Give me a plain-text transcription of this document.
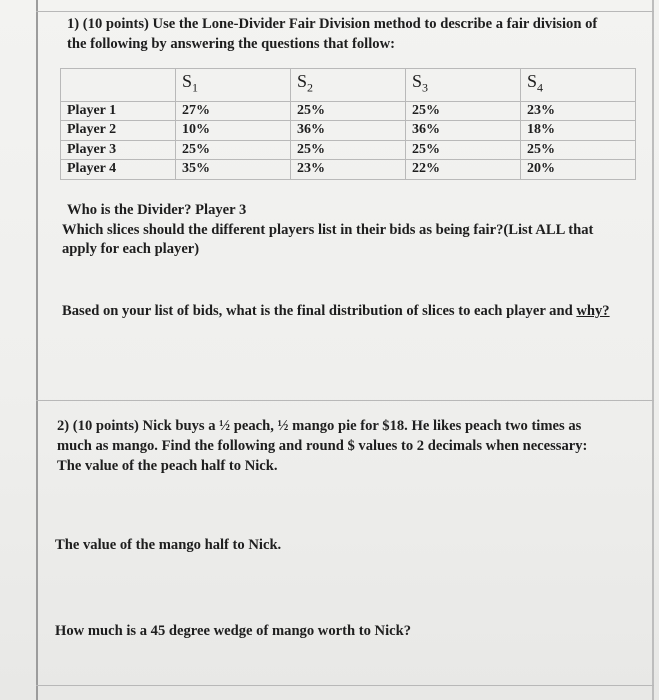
1) (10 points) Use the Lone-Divider Fair Division method to describe a fair division of
the following by answering the questions that follow:
	$S_1$	$S_2$	$S_3$	$S_4$
Player 1	27%	25%	25%	23%
Player 2	10%	36%	36%	18%
Player 3	25%	25%	25%	25%
Player 4	35%	23%	22%	20%
Who is the Divider? Player 3
Which slices should the different players list in their bids as being fair?(List ALL that
apply for each player)
Based on your list of bids, what is the final distribution of slices to each player and why?
2) (10 points) Nick buys a ½ peach, ½ mango pie for $18. He likes peach two times as
much as mango. Find the following and round $ values to 2 decimals when necessary:
The value of the peach half to Nick.
The value of the mango half to Nick.
How much is a 45 degree wedge of mango worth to Nick?
